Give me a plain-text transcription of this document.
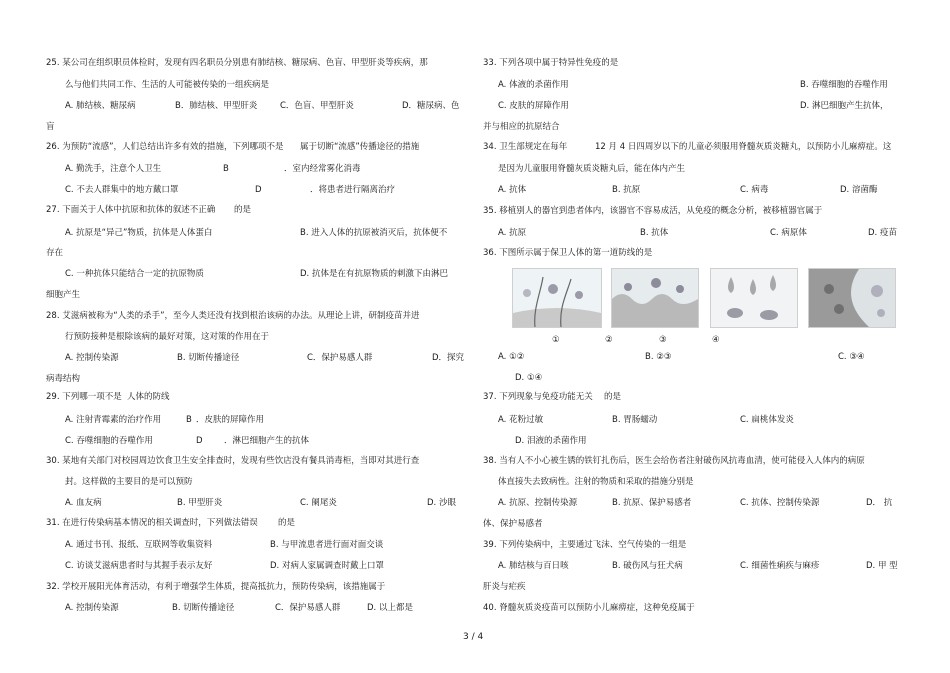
25. 某公司在组织职员体检时，发现有四名职员分别患有肺结核、糖尿病、色盲、甲型肝炎等疾病，那
么与他们共同工作、生活的人可能被传染的一组疾病是
A. 肺结核、糖尿病	B．肺结核、甲型肝炎	C．色盲、甲型肝炎	D．糖尿病、色
盲
26. 为预防“流感”，人们总结出许多有效的措施，下列哪项不是 属于切断“流感”传播途径的措施
A. 勤洗手，注意个人卫生	B	．室内经常雾化消毒
C. 不去人群集中的地方戴口罩	D	．将患者进行隔离治疗
27. 下面关于人体中抗原和抗体的叙述不正确 的是
A. 抗原是“异己”物质，抗体是人体蛋白	B. 进入人体的抗原被消灭后，抗体便不
存在
C. 一种抗体只能结合一定的抗原物质	D. 抗体是在有抗原物质的刺激下由淋巴
细胞产生
28. 艾滋病被称为“人类的杀手”，至今人类还没有找到根治该病的办法。从理论上讲，研制疫苗并进
行预防接种是根除该病的最好对策，这对策的作用在于
A. 控制传染源	B. 切断传播途径	C．保护易感人群	D．探究
病毒结构
29. 下列哪一项不是 人体的防线
A. 注射青霉素的治疗作用	B ．皮肤的屏障作用
C. 吞噬细胞的吞噬作用	D	．淋巴细胞产生的抗体
30. 某地有关部门对校园周边饮食卫生安全排查时，发现有些饮店没有餐具消毒柜，当即对其进行查
封。这样做的主要目的是可以预防
A. 血友病	B. 甲型肝炎	C. 阑尾炎	D. 沙眼
31. 在进行传染病基本情况的相关调查时，下列做法错误 的是
A. 通过书刊、报纸、互联网等收集资料	B. 与甲流患者进行面对面交谈
C. 访谈艾滋病患者时与其握手表示友好	D. 对病人家属调查时戴上口罩
32. 学校开展阳光体育活动，有利于增强学生体质，提高抵抗力，预防传染病，该措施属于
A. 控制传染源	B. 切断传播途径	C．保护易感人群	D. 以上都是
33. 下列各项中属于特异性免疫的是
A. 体液的杀菌作用	B. 吞噬细胞的吞噬作用
C. 皮肤的屏障作用	D. 淋巴细胞产生抗体，
并与相应的抗原结合
34. 卫生部规定在每年	12 月 4 日四周岁以下的儿童必须服用脊髓灰质炎糖丸，以预防小儿麻痹症。这
是因为儿童服用脊髓灰质炎糖丸后，能在体内产生
A. 抗体	B. 抗原	C. 病毒	D. 溶菌酶
35. 移植别人的器官到患者体内，该器官不容易成活，从免疫的概念分析，被移植器官属于
A. 抗原	B. 抗体	C. 病原体	D. 疫苗
36. 下图所示属于保卫人体的第一道防线的是
①	②	③	④
A. ①②	B. ②③	C. ③④
D. ①④
37. 下列现象与免疫功能无关 的是
A. 花粉过敏	B. 胃肠蠕动	C. 扁桃体发炎
D. 泪液的杀菌作用
38. 当有人不小心被生锈的铁钉扎伤后，医生会给伤者注射破伤风抗毒血清，使可能侵入人体内的病原
体直接失去致病性。注射的物质和采取的措施分别是
A. 抗原、控制传染源	B. 抗原、保护易感者	C. 抗体、控制传染源	D． 抗
体、保护易感者
39. 下列传染病中，主要通过飞沫、空气传染的一组是
A. 肺结核与百日咳	B. 破伤风与狂犬病	C. 细菌性痢疾与麻疹	D. 甲 型
肝炎与疟疾
40. 脊髓灰质炎疫苗可以预防小儿麻痹症，这种免疫属于
3 / 4
